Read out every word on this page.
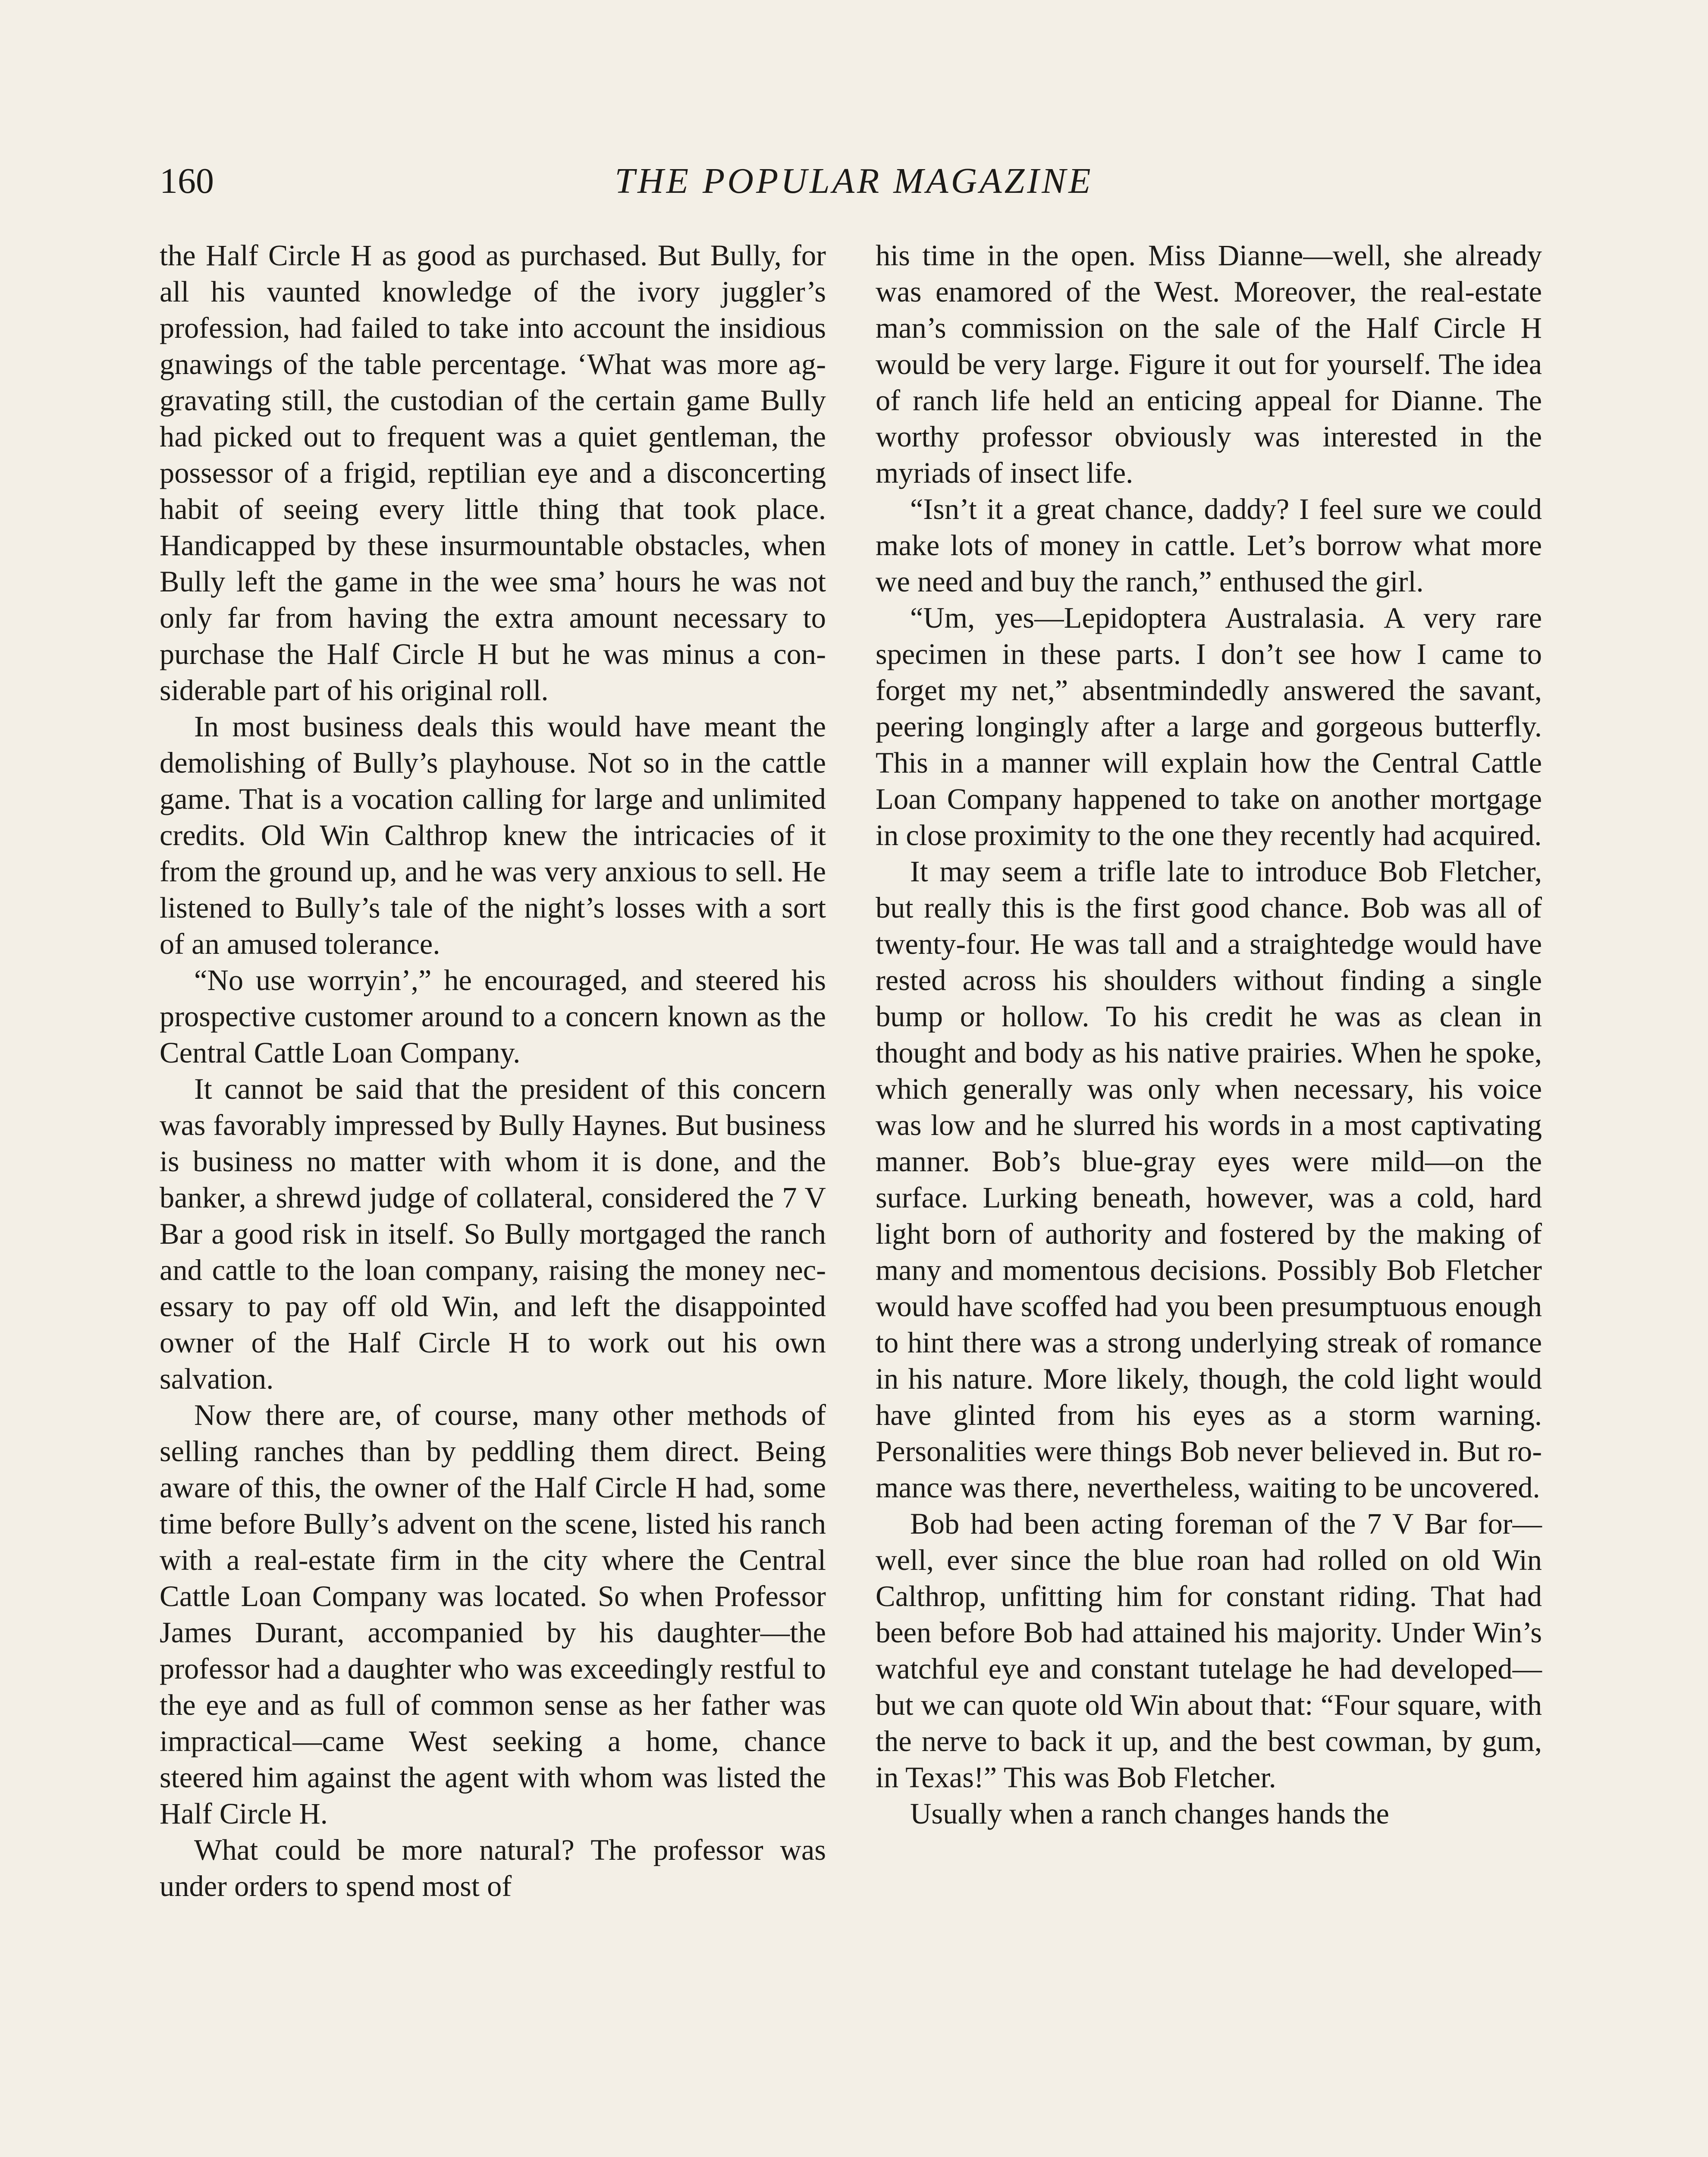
160	THE POPULAR MAGAZINE

the Half Circle H as good as purchased. But Bully, for all his vaunted knowledge of the ivory juggler’s profession, had failed to take into account the insidious gnawings of the table percentage. ‘What was more aggravating still, the custodian of the certain game Bully had picked out to frequent was a quiet gentleman, the possessor of a frigid, reptilian eye and a disconcerting habit of seeing every little thing that took place. Handicapped by these insurmountable obstacles, when Bully left the game in the wee sma’ hours he was not only far from having the extra amount necessary to purchase the Half Circle H but he was minus a considerable part of his original roll.

In most business deals this would have meant the demolishing of Bully’s playhouse. Not so in the cattle game. That is a vocation calling for large and unlimited credits. Old Win Calthrop knew the intricacies of it from the ground up, and he was very anxious to sell. He listened to Bully’s tale of the night’s losses with a sort of an amused tolerance.

“No use worryin’,” he encouraged, and steered his prospective customer around to a concern known as the Central Cattle Loan Company.

It cannot be said that the president of this concern was favorably impressed by Bully Haynes. But business is business no matter with whom it is done, and the banker, a shrewd judge of collateral, considered the 7 V Bar a good risk in itself. So Bully mortgaged the ranch and cattle to the loan company, raising the money necessary to pay off old Win, and left the disappointed owner of the Half Circle H to work out his own salvation.

Now there are, of course, many other methods of selling ranches than by peddling them direct. Being aware of this, the owner of the Half Circle H had, some time before Bully’s advent on the scene, listed his ranch with a real-estate firm in the city where the Central Cattle Loan Company was located. So when Professor James Durant, accompanied by his daughter—the professor had a daughter who was exceedingly restful to the eye and as full of common sense as her father was impractical—came West seeking a home, chance steered him against the agent with whom was listed the Half Circle H.

What could be more natural? The professor was under orders to spend most of

his time in the open. Miss Dianne—well, she already was enamored of the West. Moreover, the real-estate man’s commission on the sale of the Half Circle H would be very large. Figure it out for yourself. The idea of ranch life held an enticing appeal for Dianne. The worthy professor obviously was interested in the myriads of insect life.

“Isn’t it a great chance, daddy? I feel sure we could make lots of money in cattle. Let’s borrow what more we need and buy the ranch,” enthused the girl.

“Um, yes—Lepidoptera Australasia. A very rare specimen in these parts. I don’t see how I came to forget my net,” absentmindedly answered the savant, peering longingly after a large and gorgeous butterfly. This in a manner will explain how the Central Cattle Loan Company happened to take on another mortgage in close proximity to the one they recently had acquired.

It may seem a trifle late to introduce Bob Fletcher, but really this is the first good chance. Bob was all of twenty-four. He was tall and a straightedge would have rested across his shoulders without finding a single bump or hollow. To his credit he was as clean in thought and body as his native prairies. When he spoke, which generally was only when necessary, his voice was low and he slurred his words in a most captivating manner. Bob’s blue-gray eyes were mild—on the surface. Lurking beneath, however, was a cold, hard light born of authority and fostered by the making of many and momentous decisions. Possibly Bob Fletcher would have scoffed had you been presumptuous enough to hint there was a strong underlying streak of romance in his nature. More likely, though, the cold light would have glinted from his eyes as a storm warning. Personalities were things Bob never believed in. But romance was there, nevertheless, waiting to be uncovered.

Bob had been acting foreman of the 7 V Bar for—well, ever since the blue roan had rolled on old Win Calthrop, unfitting him for constant riding. That had been before Bob had attained his majority. Under Win’s watchful eye and constant tutelage he had developed—but we can quote old Win about that: “Four square, with the nerve to back it up, and the best cowman, by gum, in Texas!” This was Bob Fletcher.

Usually when a ranch changes hands the
